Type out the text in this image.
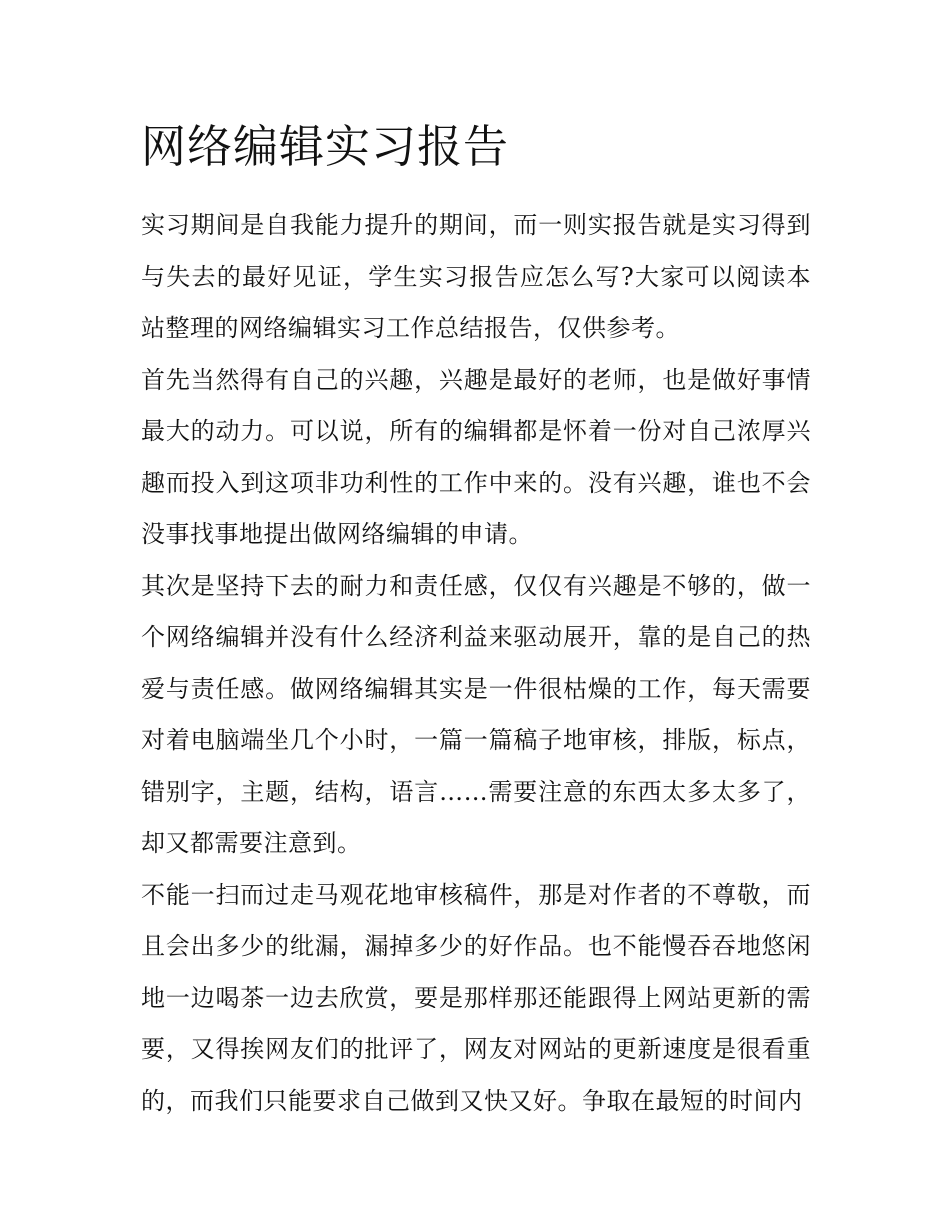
网络编辑实习报告

实习期间是自我能力提升的期间，而一则实报告就是实习得到与失去的最好见证，学生实习报告应怎么写?大家可以阅读本站整理的网络编辑实习工作总结报告，仅供参考。

首先当然得有自己的兴趣，兴趣是最好的老师，也是做好事情最大的动力。可以说，所有的编辑都是怀着一份对自己浓厚兴趣而投入到这项非功利性的工作中来的。没有兴趣，谁也不会没事找事地提出做网络编辑的申请。

其次是坚持下去的耐力和责任感，仅仅有兴趣是不够的，做一个网络编辑并没有什么经济利益来驱动展开，靠的是自己的热爱与责任感。做网络编辑其实是一件很枯燥的工作，每天需要对着电脑端坐几个小时，一篇一篇稿子地审核，排版，标点，错别字，主题，结构，语言……需要注意的东西太多太多了，却又都需要注意到。

不能一扫而过走马观花地审核稿件，那是对作者的不尊敬，而且会出多少的纰漏，漏掉多少的好作品。也不能慢吞吞地悠闲地一边喝茶一边去欣赏，要是那样那还能跟得上网站更新的需要，又得挨网友们的批评了，网友对网站的更新速度是很看重的，而我们只能要求自己做到又快又好。争取在最短的时间内
